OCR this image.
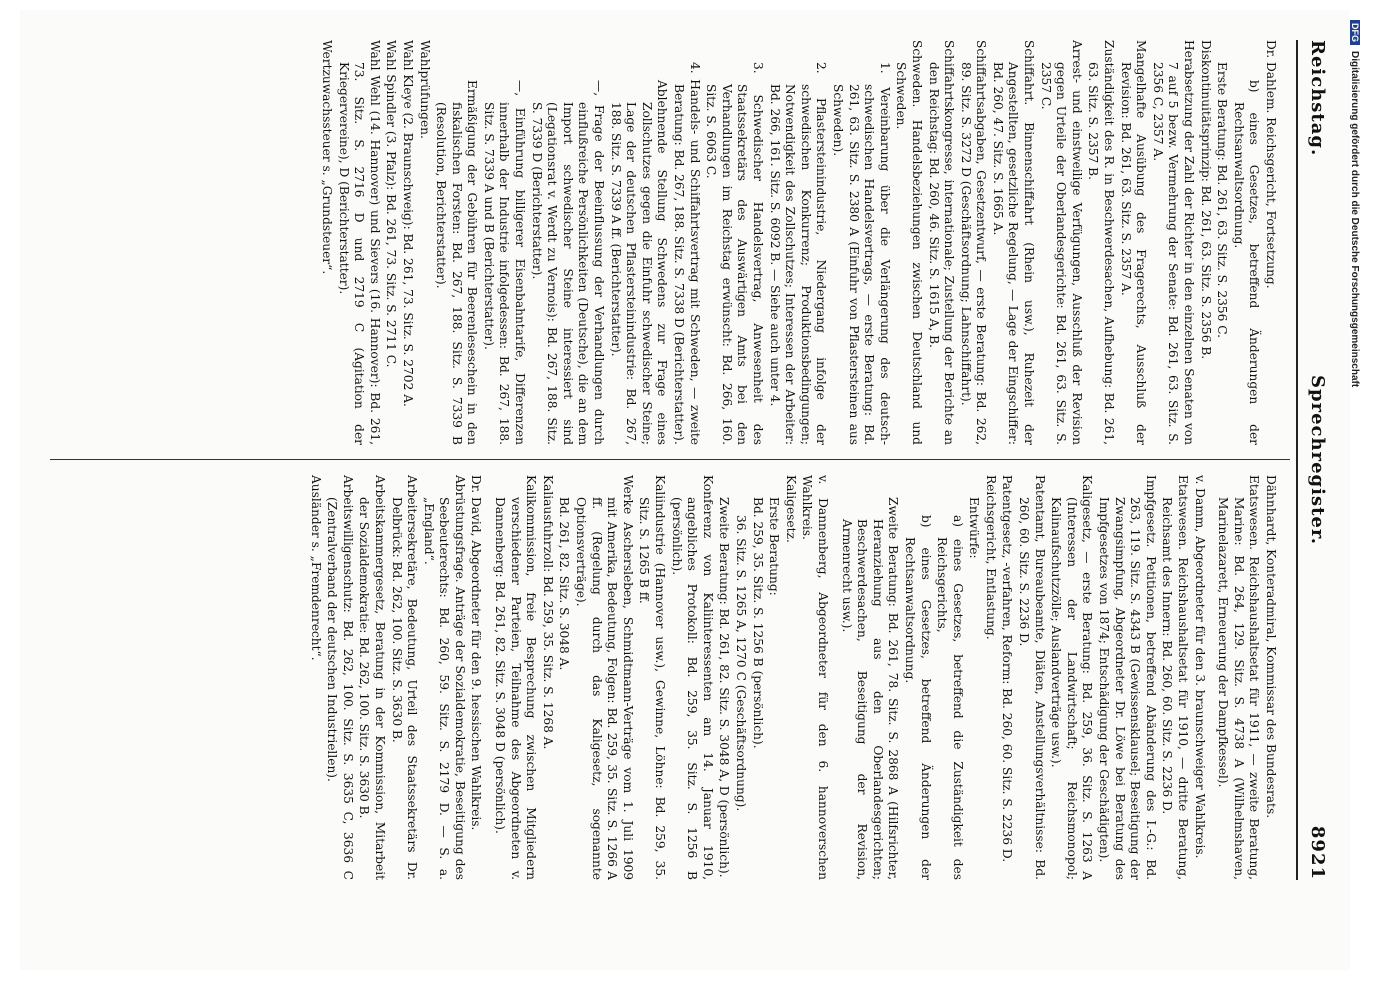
Reichstag.
Sprechregister.
8921
Dr. Dahlem. Reichsgericht, Fortsetzung.
b) eines Gesetzes, betreffend Änderungen der Rechtsanwaltsordnung.
Erste Beratung: Bd. 261, 63. Sitz. S. 2356 C.
Diskontinuitätsprinzip: Bd. 261, 63. Sitz. S. 2356 B.
Herabsetzung der Zahl der Richter in den einzelnen Senaten von 7 auf 5 bezw. Vermehrung der Senate: Bd. 261, 63. Sitz. S. 2356 C, 2357 A.
Mangelhafte Ausübung des Fragerechts, Ausschluß der Revision: Bd. 261, 63. Sitz. S. 2357 A.
Zuständigkeit des R. in Beschwerdesachen, Aufhebung: Bd. 261, 63. Sitz. S. 2357 B.
Arrest- und einstweilige Verfügungen, Ausschluß der Revision gegen Urteile der Oberlandesgerichte: Bd. 261, 63. Sitz. S. 2357 C.
Schiffahrt. Binnenschiffahrt (Rhein usw.), Ruhezeit der Angestellten, gesetzliche Regelung, — Lage der Eingschiffer: Bd. 260, 47. Sitz. S. 1665 A.
Schiffahrtsabgaben, Gesetzentwurf, — erste Beratung: Bd. 262, 89. Sitz. S. 3272 D (Geschäftsordnung; Lahnschiffahrt).
Schiffahrtskongresse, internationale; Zustellung der Berichte an den Reichstag: Bd. 260, 46. Sitz. S. 1615 A, B.
Schweden. Handelsbeziehungen zwischen Deutschland und Schweden.
1. Vereinbarung über die Verlängerung des deutsch-schwedischen Handelsvertrags, — erste Beratung: Bd. 261, 63. Sitz. S. 2380 A (Einfuhr von Pflastersteinen aus Schweden).
2. Pflastersteinindustrie, Niedergang infolge der schwedischen Konkurrenz; Produktionsbedingungen; Notwendigkeit des Zollschutzes; Interessen der Arbeiter: Bd. 266, 161. Sitz. S. 6092 B. — Siehe auch unter 4.
3. Schwedischer Handelsvertrag, Anwesenheit des Staatssekretärs des Auswärtigen Amts bei den Verhandlungen im Reichstag erwünscht: Bd. 266, 160. Sitz. S. 6063 C.
4. Handels- und Schiffahrtsvertrag mit Schweden, — zweite Beratung: Bd. 267, 188. Sitz. S. 7338 D (Berichterstatter).
Ablehnende Stellung Schwedens zur Frage eines Zollschutzes gegen die Einfuhr schwedischer Steine; Lage der deutschen Pflastersteinindustrie: Bd. 267, 188. Sitz. S. 7339 A ff. (Berichterstatter).
—, Frage der Beeinflussung der Verhandlungen durch einflußreiche Persönlichkeiten (Deutsche), die an dem Import schwedischer Steine interessiert sind (Legationsrat v. Werdt zu Vernois): Bd. 267, 188. Sitz. S. 7339 D (Berichterstatter).
—, Einführung billigerer Eisenbahntarife, Differenzen innerhalb der Industrie infolgedessen: Bd. 267, 188. Sitz. S. 7339 A und B (Berichterstatter).
Ermäßigung der Gebühren für Beerenleseschein in den fiskalischen Forsten: Bd. 267, 188. Sitz. S. 7339 B (Resolution, Berichterstatter).
Wahlprüfungen.
Wahl Kleye (2. Braunschweig): Bd. 261, 73. Sitz. S. 2702 A.
Wahl Spindler (3. Pfalz): Bd. 261, 73. Sitz. S. 2711 C.
Wahl Wehl (14. Hannover) und Sievers (16. Hannover): Bd. 261, 73. Sitz. S. 2716 D und 2719 C (Agitation der Kriegervereine), D (Berichterstatter).
Wertzuwachssteuer s. „Grundsteuer“.
Dähnhardt, Konteradmiral, Kommissar des Bundesrats.
Etatswesen. Reichshaushaltsetat für 1911, — zweite Beratung, Marine: Bd. 264, 129. Sitz. S. 4738 A (Wilhelmshaven, Marinelazarett, Erneuerung der Dampfkessel).
v. Damm, Abgeordneter für den 3. braunschweiger Wahlkreis.
Etatswesen. Reichshaushaltsetat für 1910, — dritte Beratung, Reichsamt des Innern: Bd. 260, 60. Sitz. S. 2236 D.
Impfgesetz. Petitionen, betreffend Abänderung des I.-G.: Bd. 263, 119. Sitz. S. 4343 B (Gewissensklausel; Beseitigung der Zwangsimpfung, Abgeordneter Dr. Löwe bei Beratung des Impfgesetzes von 1874; Entschädigung der Geschädigten).
Kaligesetz, — erste Beratung: Bd. 259, 36. Sitz. S. 1263 A (Interessen der Landwirtschaft; Reichsmonopol; Kalinaufschutzzölle; Auslandverträge usw.).
Patentamt, Bureaubeamte, Diäten, Anstellungsverhältnisse: Bd. 260, 60. Sitz. S. 2236 D.
Patentgesetz, -verfahren, Reform: Bd. 260, 60. Sitz. S. 2236 D.
Reichsgericht, Entlastung.
Entwürfe:
a) eines Gesetzes, betreffend die Zuständigkeit des Reichsgerichts,
b) eines Gesetzes, betreffend Änderungen der Rechtsanwaltsordnung.
Zweite Beratung: Bd. 261, 78. Sitz. S. 2868 A (Hilfsrichter, Heranziehung aus den Oberlandesgerichten; Beschwerdesachen, Beseitigung der Revision, Armenrecht usw.).
v. Dannenberg, Abgeordneter für den 6. hannoverschen Wahlkreis.
Kaligesetz.
Erste Beratung:
Bd. 259, 35. Sitz. S. 1256 B (persönlich).
36. Sitz. S. 1265 A, 1270 C (Geschäftsordnung).
Zweite Beratung: Bd. 261, 82. Sitz. S. 3048 A, D (persönlich).
Konferenz von Kaliinteressenten am 14. Januar 1910, angebliches Protokoll: Bd. 259, 35. Sitz. S. 1256 B (persönlich).
Kaliindustrie (Hannover usw.), Gewinne, Löhne: Bd. 259, 35. Sitz. S. 1265 B ff.
Werke Aschersleben, Schmidtmann-Verträge vom 1. Juli 1909 mit Amerika, Bedeutung, Folgen: Bd. 259, 35. Sitz. S. 1266 A ff. (Regelung durch das Kaligesetz, sogenannte Optionsverträge).
Bd. 261, 82. Sitz. S. 3048 A.
Kaliausfuhrzoll: Bd. 259, 35. Sitz. S. 1268 A.
Kalikommission, freie Besprechung zwischen Mitgliedern verschiedener Parteien, Teilnahme des Abgeordneten v. Dannenberg: Bd. 261, 82. Sitz. S. 3048 D (persönlich).
Dr. David, Abgeordneter für den 9. hessischen Wahlkreis.
Abrüstungsfrage. Anträge der Sozialdemokratie, Beseitigung des Seebeuterechts: Bd. 260, 59. Sitz. S. 2179 D. — S. a. „England“.
Arbeitersekretäre, Bedeutung, Urteil des Staatssekretärs Dr. Delbrück: Bd. 262, 100. Sitz. S. 3630 B.
Arbeitskammergesetz, Beratung in der Kommission, Mitarbeit der Sozialdemokratie: Bd. 262, 100. Sitz. S. 3630 B.
Arbeitswilligenschutz: Bd. 262, 100. Sitz. S. 3635 C, 3636 C (Zentralverband der deutschen Industriellen).
Ausländer s. „Fremdenrecht“.
DFGDigitalisierung gefördert durch die Deutsche Forschungsgemeinschaft
